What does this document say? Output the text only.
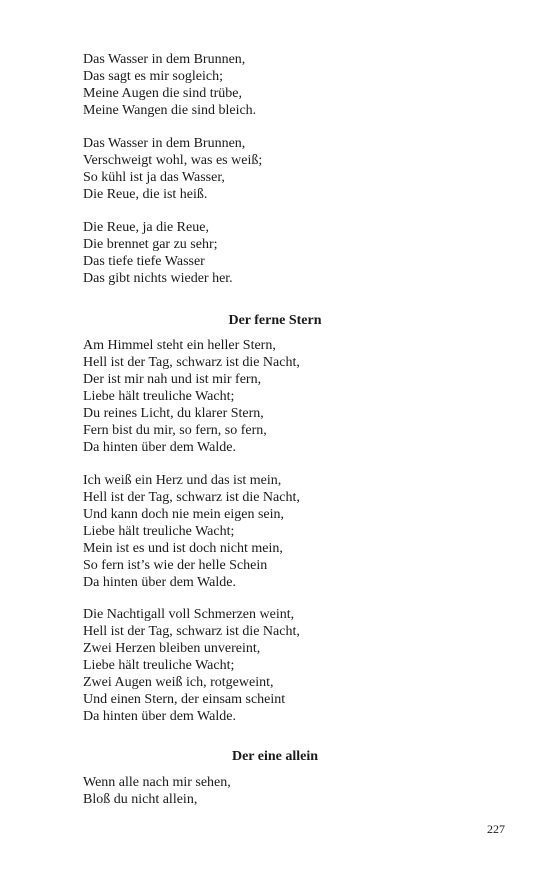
Das Wasser in dem Brunnen,
Das sagt es mir sogleich;
Meine Augen die sind trübe,
Meine Wangen die sind bleich.
Das Wasser in dem Brunnen,
Verschweigt wohl, was es weiß;
So kühl ist ja das Wasser,
Die Reue, die ist heiß.
Die Reue, ja die Reue,
Die brennet gar zu sehr;
Das tiefe tiefe Wasser
Das gibt nichts wieder her.
Der ferne Stern
Am Himmel steht ein heller Stern,
Hell ist der Tag, schwarz ist die Nacht,
Der ist mir nah und ist mir fern,
Liebe hält treuliche Wacht;
Du reines Licht, du klarer Stern,
Fern bist du mir, so fern, so fern,
Da hinten über dem Walde.
Ich weiß ein Herz und das ist mein,
Hell ist der Tag, schwarz ist die Nacht,
Und kann doch nie mein eigen sein,
Liebe hält treuliche Wacht;
Mein ist es und ist doch nicht mein,
So fern ist’s wie der helle Schein
Da hinten über dem Walde.
Die Nachtigall voll Schmerzen weint,
Hell ist der Tag, schwarz ist die Nacht,
Zwei Herzen bleiben unvereint,
Liebe hält treuliche Wacht;
Zwei Augen weiß ich, rotgeweint,
Und einen Stern, der einsam scheint
Da hinten über dem Walde.
Der eine allein
Wenn alle nach mir sehen,
Bloß du nicht allein,
227
